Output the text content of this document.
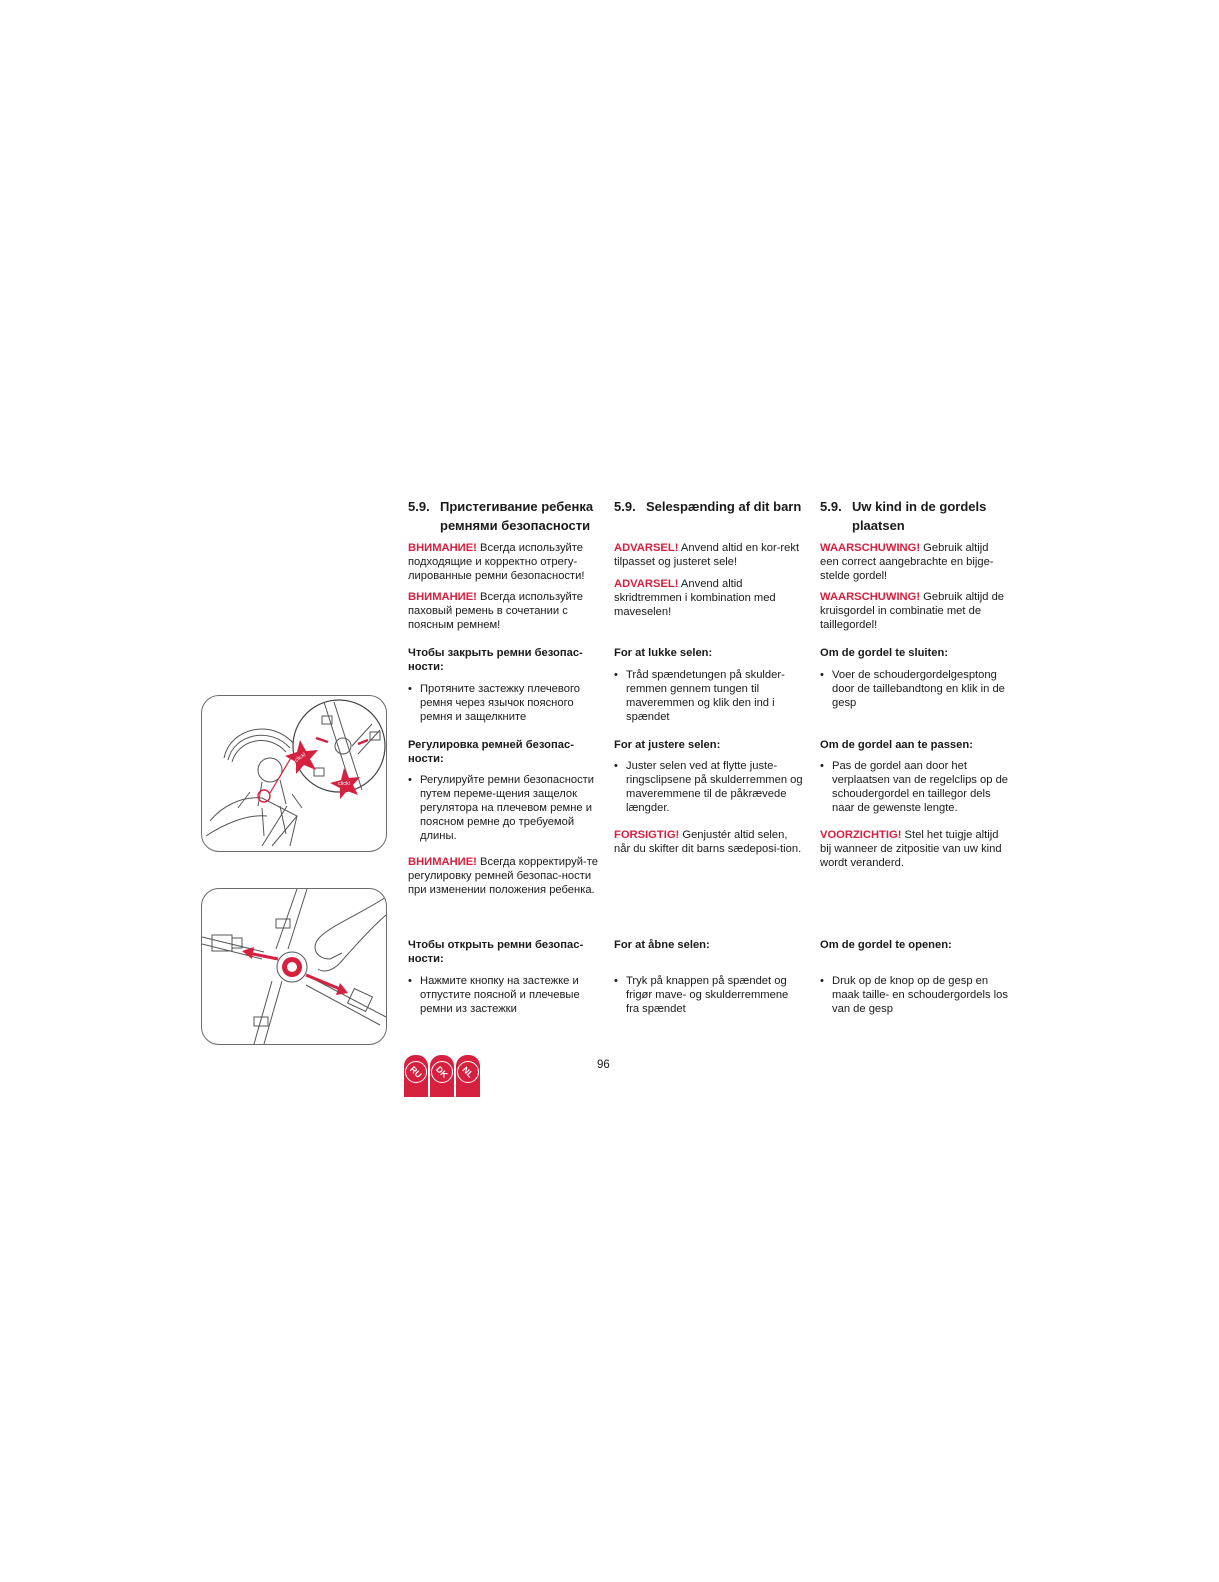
click!
click!
5.9. Пристегивание ребенка ремнями безопасности
ВНИМАНИЕ! Всегда используйте подходящие и корректно отрегу-лированные ремни безопасности!
ВНИМАНИЕ! Всегда используйте паховый ремень в сочетании с поясным ремнем!
Чтобы закрыть ремни безопас-ности:
• Протяните застежку плечевого ремня через язычок поясного ремня и защелкните
Регулировка ремней безопас-ности:
• Регулируйте ремни безопасности путем переме-щения защелок регулятора на плечевом ремне и поясном ремне до требуемой длины.
ВНИМАНИЕ! Всегда корректируй-те регулировку ремней безопас-ности при изменении положения ребенка.
Чтобы открыть ремни безопас-ности:
• Нажмите кнопку на застежке и отпустите поясной и плечевые ремни из застежки
5.9. Selespænding af dit barn
ADVARSEL! Anvend altid en kor-rekt tilpasset og justeret sele!
ADVARSEL! Anvend altid skridtremmen i kombination med maveselen!
For at lukke selen:
• Tråd spændetungen på skulder-remmen gennem tungen til maveremmen og klik den ind i spændet
For at justere selen:
• Juster selen ved at flytte juste-ringsclipsene på skulderremmen og maveremmene til de påkrævede længder.
FORSIGTIG! Genjustér altid selen, når du skifter dit barns sædeposi-tion.
For at åbne selen:
• Tryk på knappen på spændet og frigør mave- og skulderremmene fra spændet
5.9. Uw kind in de gordels plaatsen
WAARSCHUWING! Gebruik altijd een correct aangebrachte en bijge-stelde gordel!
WAARSCHUWING! Gebruik altijd de kruisgordel in combinatie met de taillegordel!
Om de gordel te sluiten:
• Voer de schoudergordelgesptong door de taillebandtong en klik in de gesp
Om de gordel aan te passen:
• Pas de gordel aan door het verplaatsen van de regelclips op de schoudergordel en taillegor dels naar de gewenste lengte.
VOORZICHTIG! Stel het tuigje altijd bij wanneer de zitpositie van uw kind wordt veranderd.
Om de gordel te openen:
• Druk op de knop op de gesp en maak taille- en schoudergordels los van de gesp
96
RU	DK	NL
